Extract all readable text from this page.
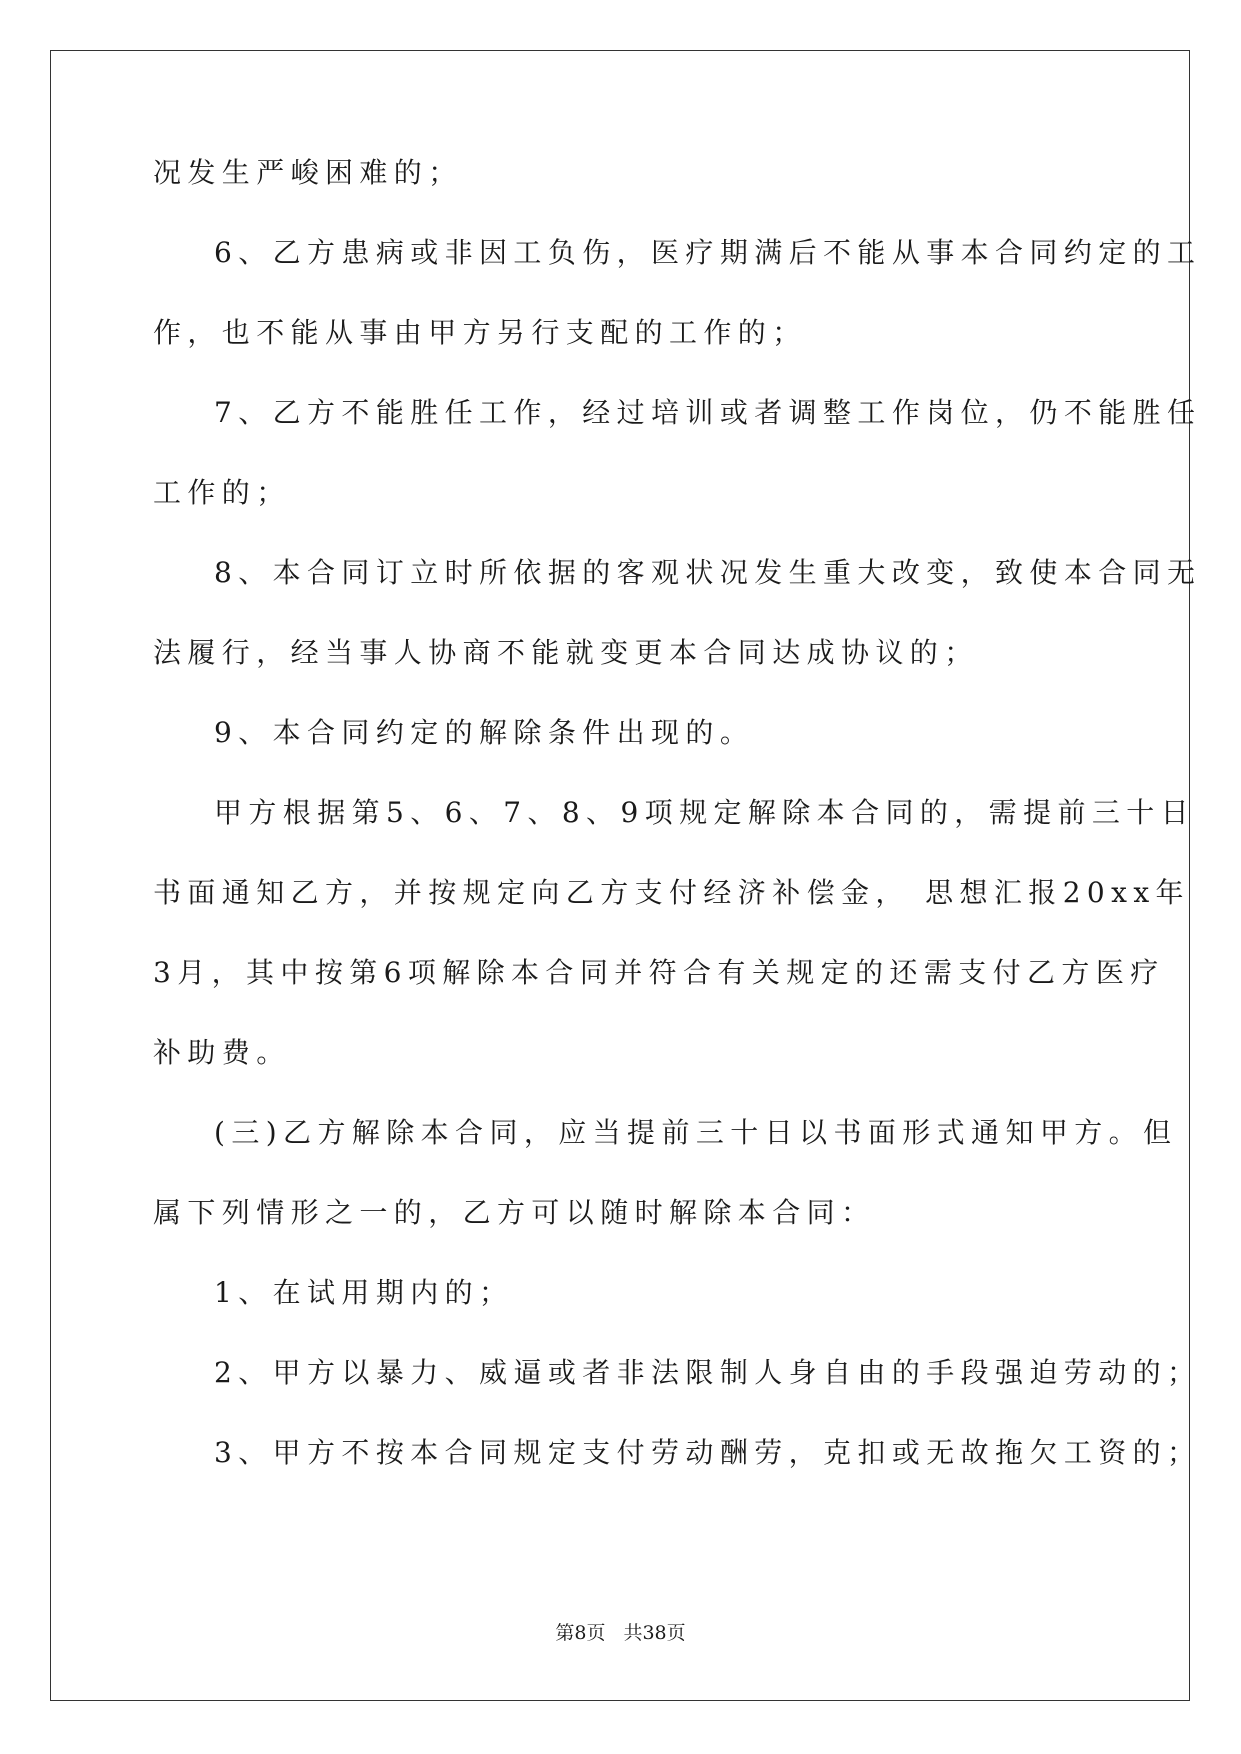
况发生严峻困难的；
6、乙方患病或非因工负伤，医疗期满后不能从事本合同约定的工
作，也不能从事由甲方另行支配的工作的；
7、乙方不能胜任工作，经过培训或者调整工作岗位，仍不能胜任
工作的；
8、本合同订立时所依据的客观状况发生重大改变，致使本合同无
法履行，经当事人协商不能就变更本合同达成协议的；
9、本合同约定的解除条件出现的。
甲方根据第5、6、7、8、9项规定解除本合同的，需提前三十日
书面通知乙方，并按规定向乙方支付经济补偿金， 思想汇报20xx年
3月，其中按第6项解除本合同并符合有关规定的还需支付乙方医疗
补助费。
(三)乙方解除本合同，应当提前三十日以书面形式通知甲方。但
属下列情形之一的，乙方可以随时解除本合同：
1、在试用期内的；
2、甲方以暴力、威逼或者非法限制人身自由的手段强迫劳动的；
3、甲方不按本合同规定支付劳动酬劳，克扣或无故拖欠工资的；
第8页 共38页
